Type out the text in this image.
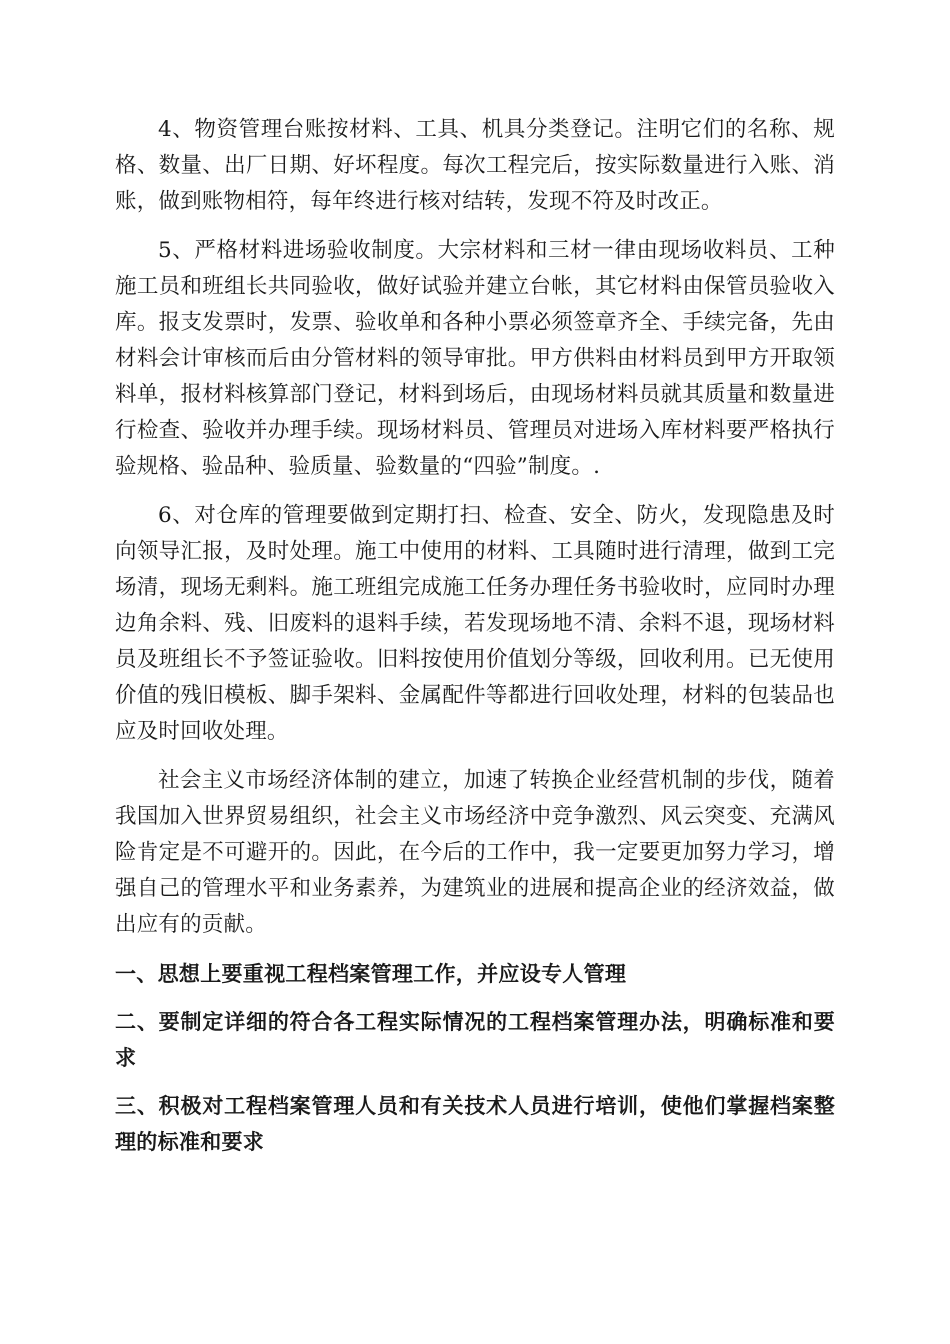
4、物资管理台账按材料、工具、机具分类登记。注明它们的名称、规格、数量、出厂日期、好坏程度。每次工程完后，按实际数量进行入账、消账，做到账物相符，每年终进行核对结转，发现不符及时改正。

5、严格材料进场验收制度。大宗材料和三材一律由现场收料员、工种施工员和班组长共同验收，做好试验并建立台帐，其它材料由保管员验收入库。报支发票时，发票、验收单和各种小票必须签章齐全、手续完备，先由材料会计审核而后由分管材料的领导审批。甲方供料由材料员到甲方开取领料单，报材料核算部门登记，材料到场后，由现场材料员就其质量和数量进行检查、验收并办理手续。现场材料员、管理员对进场入库材料要严格执行验规格、验品种、验质量、验数量的“四验”制度。.

6、对仓库的管理要做到定期打扫、检查、安全、防火，发现隐患及时向领导汇报，及时处理。施工中使用的材料、工具随时进行清理，做到工完场清，现场无剩料。施工班组完成施工任务办理任务书验收时，应同时办理边角余料、残、旧废料的退料手续，若发现场地不清、余料不退，现场材料员及班组长不予签证验收。旧料按使用价值划分等级，回收利用。已无使用价值的残旧模板、脚手架料、金属配件等都进行回收处理，材料的包装品也应及时回收处理。

社会主义市场经济体制的建立，加速了转换企业经营机制的步伐，随着我国加入世界贸易组织，社会主义市场经济中竞争激烈、风云突变、充满风险肯定是不可避开的。因此，在今后的工作中，我一定要更加努力学习，增强自己的管理水平和业务素养，为建筑业的进展和提高企业的经济效益，做出应有的贡献。

一、思想上要重视工程档案管理工作，并应设专人管理

二、要制定详细的符合各工程实际情况的工程档案管理办法，明确标准和要求

三、积极对工程档案管理人员和有关技术人员进行培训，使他们掌握档案整理的标准和要求
